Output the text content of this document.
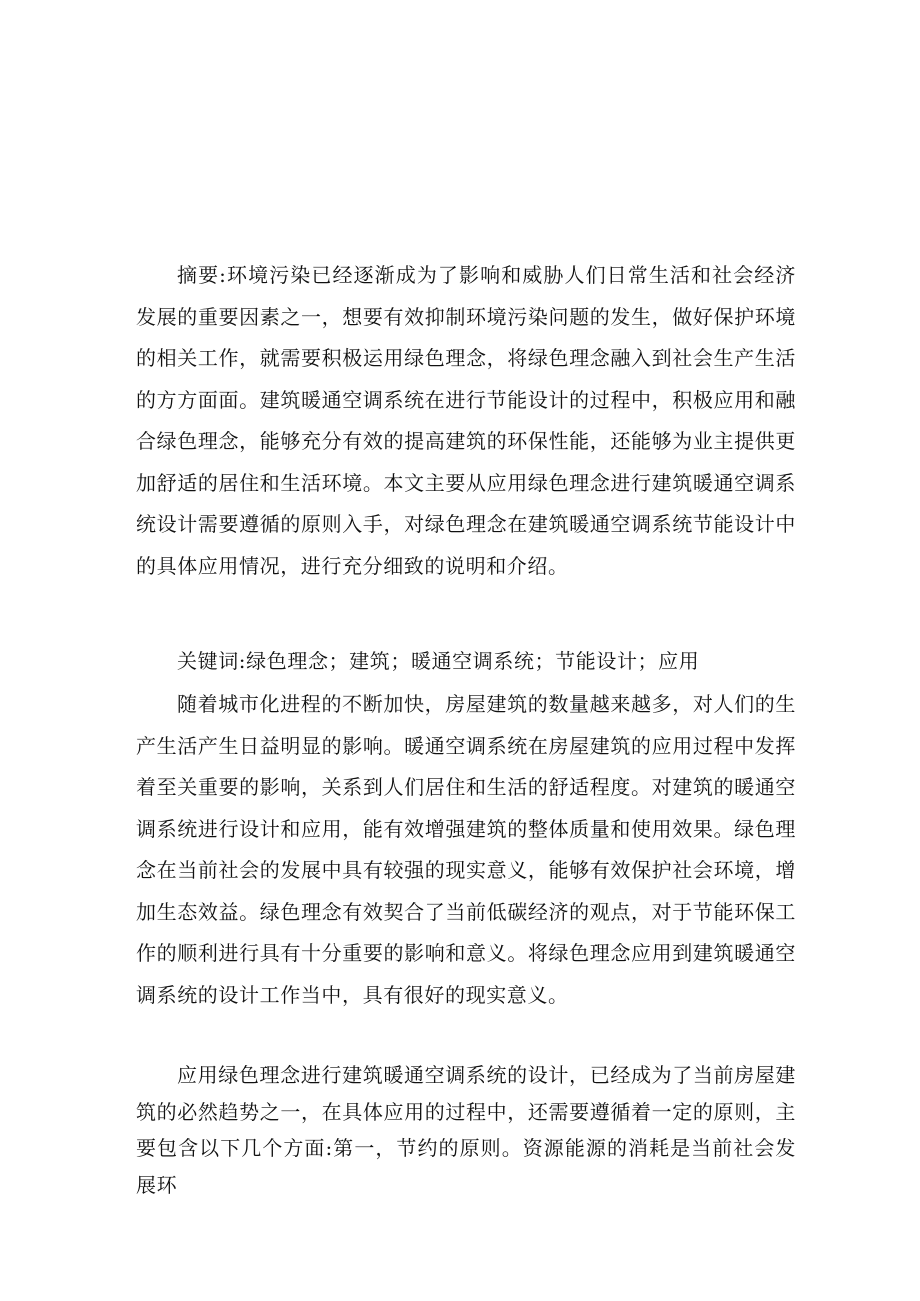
摘要:环境污染已经逐渐成为了影响和威胁人们日常生活和社会经济发展的重要因素之一，想要有效抑制环境污染问题的发生，做好保护环境的相关工作，就需要积极运用绿色理念，将绿色理念融入到社会生产生活的方方面面。建筑暖通空调系统在进行节能设计的过程中，积极应用和融合绿色理念，能够充分有效的提高建筑的环保性能，还能够为业主提供更加舒适的居住和生活环境。本文主要从应用绿色理念进行建筑暖通空调系统设计需要遵循的原则入手，对绿色理念在建筑暖通空调系统节能设计中的具体应用情况，进行充分细致的说明和介绍。

关键词:绿色理念；建筑；暖通空调系统；节能设计；应用

随着城市化进程的不断加快，房屋建筑的数量越来越多，对人们的生产生活产生日益明显的影响。暖通空调系统在房屋建筑的应用过程中发挥着至关重要的影响，关系到人们居住和生活的舒适程度。对建筑的暖通空调系统进行设计和应用，能有效增强建筑的整体质量和使用效果。绿色理念在当前社会的发展中具有较强的现实意义，能够有效保护社会环境，增加生态效益。绿色理念有效契合了当前低碳经济的观点，对于节能环保工作的顺利进行具有十分重要的影响和意义。将绿色理念应用到建筑暖通空调系统的设计工作当中，具有很好的现实意义。

应用绿色理念进行建筑暖通空调系统的设计，已经成为了当前房屋建筑的必然趋势之一，在具体应用的过程中，还需要遵循着一定的原则，主要包含以下几个方面:第一，节约的原则。资源能源的消耗是当前社会发展环
